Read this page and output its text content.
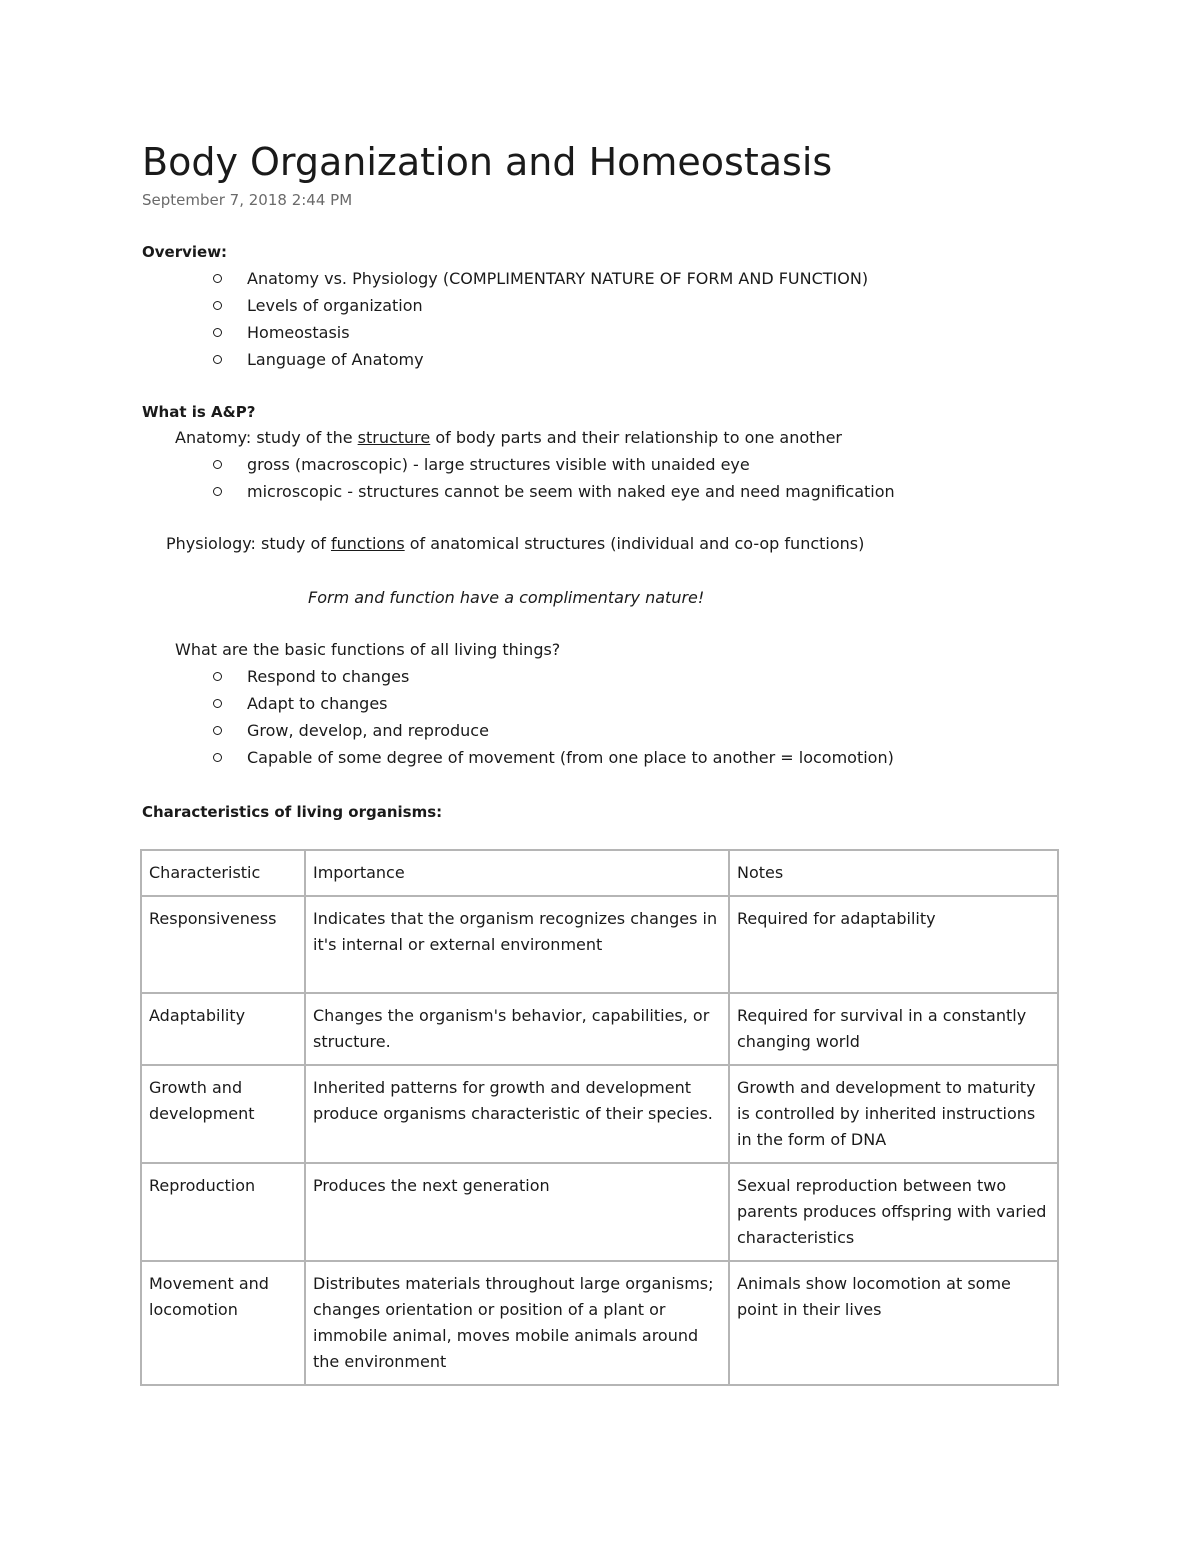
Body Organization and Homeostasis
September 7, 2018 2:44 PM
Overview:
Anatomy vs. Physiology (COMPLIMENTARY NATURE OF FORM AND FUNCTION)
Levels of organization
Homeostasis
Language of Anatomy
What is A&P?
Anatomy: study of the structure of body parts and their relationship to one another
gross (macroscopic) - large structures visible with unaided eye
microscopic - structures cannot be seem with naked eye and need magnification
Physiology: study of functions of anatomical structures (individual and co-op functions)
Form and function have a complimentary nature!
What are the basic functions of all living things?
Respond to changes
Adapt to changes
Grow, develop, and reproduce
Capable of some degree of movement (from one place to another = locomotion)
Characteristics of living organisms:
Characteristic	Importance	Notes
Responsiveness	Indicates that the organism recognizes changes in it's internal or external environment	Required for adaptability
Adaptability	Changes the organism's behavior, capabilities, or structure.	Required for survival in a constantly changing world
Growth and development	Inherited patterns for growth and development produce organisms characteristic of their species.	Growth and development to maturity is controlled by inherited instructions in the form of DNA
Reproduction	Produces the next generation	Sexual reproduction between two parents produces offspring with varied characteristics
Movement and locomotion	Distributes materials throughout large organisms; changes orientation or position of a plant or immobile animal, moves mobile animals around the environment	Animals show locomotion at some point in their lives
